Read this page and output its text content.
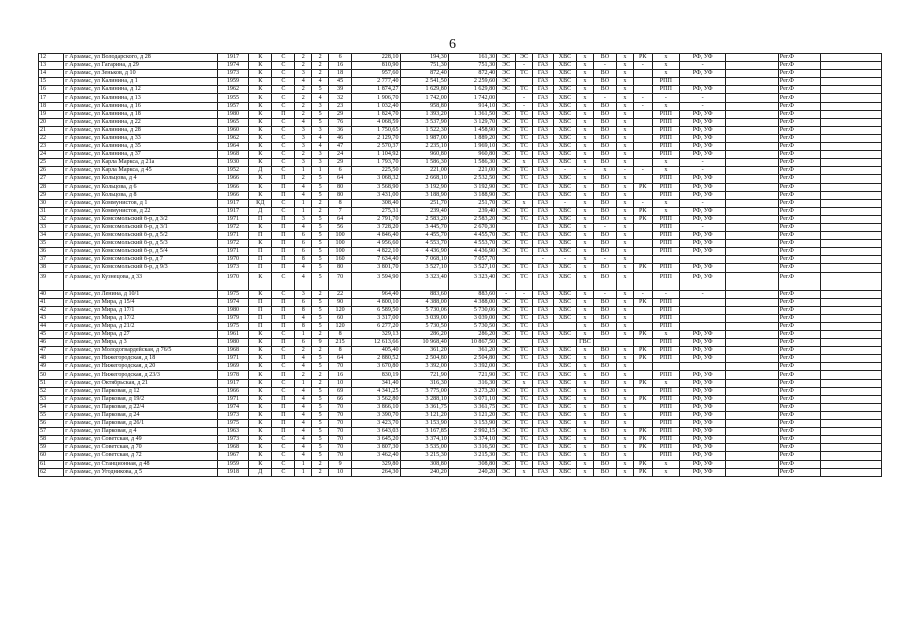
6
12	г Арзамас, ул Володарского, д 28	1917	К	С	2	2	6	228,10	194,30	161,30	ЭС	ЭС	ГАЗ	ХВС	х	ВО	х	РК	х	РФ, УФ		Рег.Ф	
13	г Арзамас, ул Гагарина, д 29	1974	К	С	2	2	16	810,90	751,30	751,30	ЭС	-	ГАЗ	ХВС	х	-	х	-	х	-		Рег.Ф	
14	г Арзамас, ул Зеньков, д 10	1973	К	С	3	2	18	957,60	872,40	872,40	ЭС	ТС	ГАЗ	ХВС	х	ВО	х		х	РФ, УФ		Рег.Ф	
15	г Арзамас, ул Калинина, д 1	1959	К	С	4	4	45	2 777,40	2 541,50	2 259,60	ЭС		ГАЗ	ХВС	х	ВО	х		РПП			Рег.Ф	
16	г Арзамас, ул Калинина, д 12	1962	К	С	2	5	39	1 874,27	1 629,80	1 629,80	ЭС	ТС	ГАЗ	ХВС	х	ВО	х		РПП	РФ, УФ		Рег.Ф	
17	г Арзамас, ул Калинина, д 13	1955	К	С	2	4	32	1 906,70	1 742,00	1 742,00		-	ГАЗ	ХВС	х	-	х	-	-	-		Рег.Ф	
18	г Арзамас, ул Калинина, д 16	1957	К	С	2	3	23	1 032,40	958,80	914,10	ЭС	-	ГАЗ	ХВС	х	ВО	х	-	х	-		Рег.Ф	
19	г Арзамас, ул Калинина, д 18	1980	К	П	2	5	29	1 824,70	1 393,20	1 361,50	ЭС	ТС	ГАЗ	ХВС	х	ВО	х		РПП	РФ, УФ		Рег.Ф	
20	г Арзамас, ул Калинина, д 22	1965	К	С	4	5	76	4 068,59	3 537,90	3 129,70	ЭС	ТС	ГАЗ	ХВС	х	ВО	х		РПП	РФ, УФ		Рег.Ф	
21	г Арзамас, ул Калинина, д 28	1960	К	С	3	3	36	1 750,65	1 522,30	1 458,90	ЭС	ТС	ГАЗ	ХВС	х	ВО	х		РПП	РФ, УФ		Рег.Ф	
22	г Арзамас, ул Калинина, д 33	1962	К	С	3	4	46	2 129,70	1 987,00	1 889,20	ЭС	ТС	ГАЗ	ХВС	х	ВО	х		РПП	РФ, УФ		Рег.Ф	
23	г Арзамас, ул Калинина, д 35	1964	К	С	3	4	47	2 570,37	2 235,10	1 969,10	ЭС	ТС	ГАЗ	ХВС	х	ВО	х		РПП	РФ, УФ		Рег.Ф	
24	г Арзамас, ул Калинина, д 37	1968	К	С	2	3	24	1 104,92	960,80	960,80	ЭС	ТС	ГАЗ	ХВС	х	ВО	х		РПП	РФ, УФ		Рег.Ф	
25	г Арзамас, ул Карла Маркса, д 21а	1930	К	С	3	3	29	1 793,70	1 586,30	1 586,30	ЭС	х	ГАЗ	ХВС	х	ВО	х		х	-		Рег.Ф	
26	г Арзамас, ул Карла Маркса, д 45	1952	Д	С	1	1	6	225,50	221,00	221,00	ЭС	ТС	ГАЗ	-	-	х	-	-	х	-		Рег.Ф	
27	г Арзамас, ул Кольцова, д 4	1966	К	П	2	5	64	3 068,32	2 668,10	2 532,50	ЭС	ТС	ГАЗ	ХВС	х	ВО	х		РПП	РФ, УФ		Рег.Ф	
28	г Арзамас, ул Кольцова, д 6	1966	К	П	4	5	80	3 568,90	3 192,90	3 192,90	ЭС	ТС	ГАЗ	ХВС	х	ВО	х	РК	РПП	РФ, УФ		Рег.Ф	
29	г Арзамас, ул Кольцова, д 8	1966	К	П	4	5	80	3 431,00	3 188,90	3 188,90	ЭС		ГАЗ	ХВС	х	ВО	х		РПП	РФ, УФ		Рег.Ф	
30	г Арзамас, ул Коммунистов, д 1	1917	КД	С	1	2	8	308,40	251,70	251,70	ЭС	х	ГАЗ	-	х	ВО	х	-	х	-		Рег.Ф	
31	г Арзамас, ул Коммунистов, д 22	1917	Д	С	1	2	7	275,31	239,40	239,40	ЭС	ТС	ГАЗ	ХВС	х	ВО	х	РК	х	РФ, УФ		Рег.Ф	
32	г Арзамас, ул Комсомольский б-р, д 3/2	1971	П	П	3	5	64	2 791,70	2 583,20	2 583,20	ЭС	ТС	ГАЗ	ХВС	х	ВО	х	РК	РПП	РФ, УФ		Рег.Ф	
33	г Арзамас, ул Комсомольский б-р, д 3/1	1972	К	П	4	5	56	3 728,20	3 445,70	2 670,30			ГАЗ	ХВС	х	-	х		РПП	-		Рег.Ф	
34	г Арзамас, ул Комсомольский б-р, д 5/2	1971	П	П	6	5	100	4 846,40	4 455,70	4 455,70	ЭС	ТС	ГАЗ	ХВС	х	ВО	х		РПП	РФ, УФ		Рег.Ф	
35	г Арзамас, ул Комсомольский б-р, д 5/3	1972	К	П	6	5	100	4 956,60	4 553,70	4 553,70	ЭС	ТС	ГАЗ	ХВС	х	ВО	х		РПП	РФ, УФ		Рег.Ф	
36	г Арзамас, ул Комсомольский б-р, д 5/4	1971	П	П	6	5	100	4 822,10	4 436,90	4 436,90	ЭС	ТС	ГАЗ	ХВС	х	ВО	х		РПП	РФ, УФ		Рег.Ф	
37	г Арзамас, ул Комсомольский б-р, д 7	1970	П	П	8	5	160	7 634,40	7 068,10	7 057,70			-	-	х	-	х					Рег.Ф	
38	г Арзамас, ул Комсомольский б-р, д 9/3	1973	П	П	4	5	80	3 801,70	3 527,10	3 527,10	ЭС	ТС	ГАЗ	ХВС	х	ВО	х	РК	РПП	РФ, УФ		Рег.Ф	
39	г Арзамас, ул Кузнецова, д 33	1970	К	С	4	5	70	3 594,90	3 323,40	3 323,40	ЭС	ТС	ГАЗ	ХВС	х	ВО	х		РПП	РФ, УФ		Рег.Ф	
40	г Арзамас, ул Ленина, д 10/1	1975	К	С	3	2	22	964,40	883,60	883,60	-	-	ГАЗ	ХВС	х	-	х	-	-	-		Рег.Ф	
41	г Арзамас, ул Мира, д 15/4	1974	П	П	6	5	90	4 800,10	4 388,00	4 388,00	ЭС	ТС	ГАЗ	ХВС	х	ВО	х	РК	РПП			Рег.Ф	
42	г Арзамас, ул Мира, д 17/1	1980	П	П	8	5	120	6 589,50	5 730,06	5 730,06	ЭС	ТС	ГАЗ	ХВС	х	ВО	х		РПП			Рег.Ф	
43	г Арзамас, ул Мира, д 17/2	1979	П	П	4	5	60	3 317,00	3 039,00	3 039,00	ЭС	ТС	ГАЗ	ХВС	х	ВО	х		РПП			Рег.Ф	
44	г Арзамас, ул Мира, д 21/2	1975	П	П	8	5	120	6 277,20	5 730,50	5 730,50	ЭС	ТС	ГАЗ		х	ВО	х		РПП			Рег.Ф	
45	г Арзамас, ул Мира, д 27	1961	К	С	1	2	8	329,13	286,20	286,20	ЭС	ТС	ГАЗ	ХВС	х	ВО	х	РК	х	РФ, УФ		Рег.Ф	
46	г Арзамас, ул Мира, д 3	1980	К	П	6	9	215	12 613,66	10 968,40	10 867,50	ЭС		ГАЗ		ГВС				РПП	РФ, УФ		Рег.Ф	
47	г Арзамас, ул Молодогвардейская, д 76/5	1968	К	С	2	2	8	405,40	361,20	361,20	ЭС	ТС	ГАЗ	ХВС	х	ВО	х	РК	РПП	РФ, УФ		Рег.Ф	
48	г Арзамас, ул Нижегородская, д 18	1971	К	П	4	5	64	2 880,52	2 504,80	2 504,80	ЭС	ТС	ГАЗ	ХВС	х	ВО	х	РК	РПП	РФ, УФ		Рег.Ф	
49	г Арзамас, ул Нижегородская, д 20	1969	К	С	4	5	70	3 670,80	3 392,00	3 392,00	ЭС		ГАЗ	ХВС	х	ВО	х					Рег.Ф	
50	г Арзамас, ул Нижегородская, д 23/3	1978	К	П	2	2	16	830,19	721,90	721,90	ЭС	ТС	ГАЗ	ХВС	х	ВО	х		РПП	РФ, УФ		Рег.Ф	
51	г Арзамас, ул Октябрьская, д 21	1917	К	С	1	2	10	341,40	316,30	316,30	ЭС	х	ГАЗ	ХВС	х	ВО	х	РК	х	РФ, УФ		Рег.Ф	
52	г Арзамас, ул Парковая, д 12	1966	К	С	4	5	69	4 341,25	3 775,00	3 273,20	ЭС	ТС	ГАЗ	ХВС	х	ВО	х		РПП	РФ, УФ		Рег.Ф	
53	г Арзамас, ул Парковая, д 19/2	1971	К	П	4	5	66	3 562,80	3 288,10	3 071,10	ЭС	ТС	ГАЗ	ХВС	х	ВО	х	РК	РПП	РФ, УФ		Рег.Ф	
54	г Арзамас, ул Парковая, д 22/4	1974	К	П	4	5	70	3 866,10	3 361,75	3 361,75	ЭС	ТС	ГАЗ	ХВС	х	ВО	х		РПП	РФ, УФ		Рег.Ф	
55	г Арзамас, ул Парковая, д 24	1973	К	П	4	5	70	3 390,70	3 121,20	3 121,20	ЭС	ТС	ГАЗ	ХВС	х	ВО	х		РПП	РФ, УФ		Рег.Ф	
56	г Арзамас, ул Парковая, д 26/1	1975	К	П	4	5	70	3 423,70	3 153,90	3 153,90	ЭС	ТС	ГАЗ	ХВС	х	ВО	х		РПП	РФ, УФ		Рег.Ф	
57	г Арзамас, ул Парковая, д 4	1963	К	П	4	5	70	3 643,03	3 167,85	2 992,15	ЭС	ТС	ГАЗ	ХВС	х	ВО	х	РК	РПП	РФ, УФ		Рег.Ф	
58	г Арзамас, ул Советская, д 49	1973	К	С	4	5	70	3 645,20	3 374,10	3 374,10	ЭС	ТС	ГАЗ	ХВС	х	ВО	х	РК	РПП	РФ, УФ		Рег.Ф	
59	г Арзамас, ул Советская, д 70	1968	К	С	4	5	70	3 807,30	3 535,00	3 316,50	ЭС	ТС	ГАЗ	ХВС	х	ВО	х	РК	РПП	РФ, УФ		Рег.Ф	
60	г Арзамас, ул Советская, д 72	1967	К	С	4	5	70	3 462,40	3 215,30	3 215,30	ЭС	ТС	ГАЗ	ХВС	х	ВО	х		РПП	РФ, УФ		Рег.Ф	
61	г Арзамас, ул Станционная, д 48	1959	К	С	1	2	9	329,80	308,80	308,80	ЭС	ТС	ГАЗ	ХВС	х	ВО	х	РК	х	РФ, УФ		Рег.Ф	
62	г Арзамас, ул Угодникова, д 5	1918	Д	С	1	2	10	264,30	240,20	240,20	ЭС	х	ГАЗ	ХВС	х	ВО	х	РК	х	РФ, УФ		Рег.Ф	
